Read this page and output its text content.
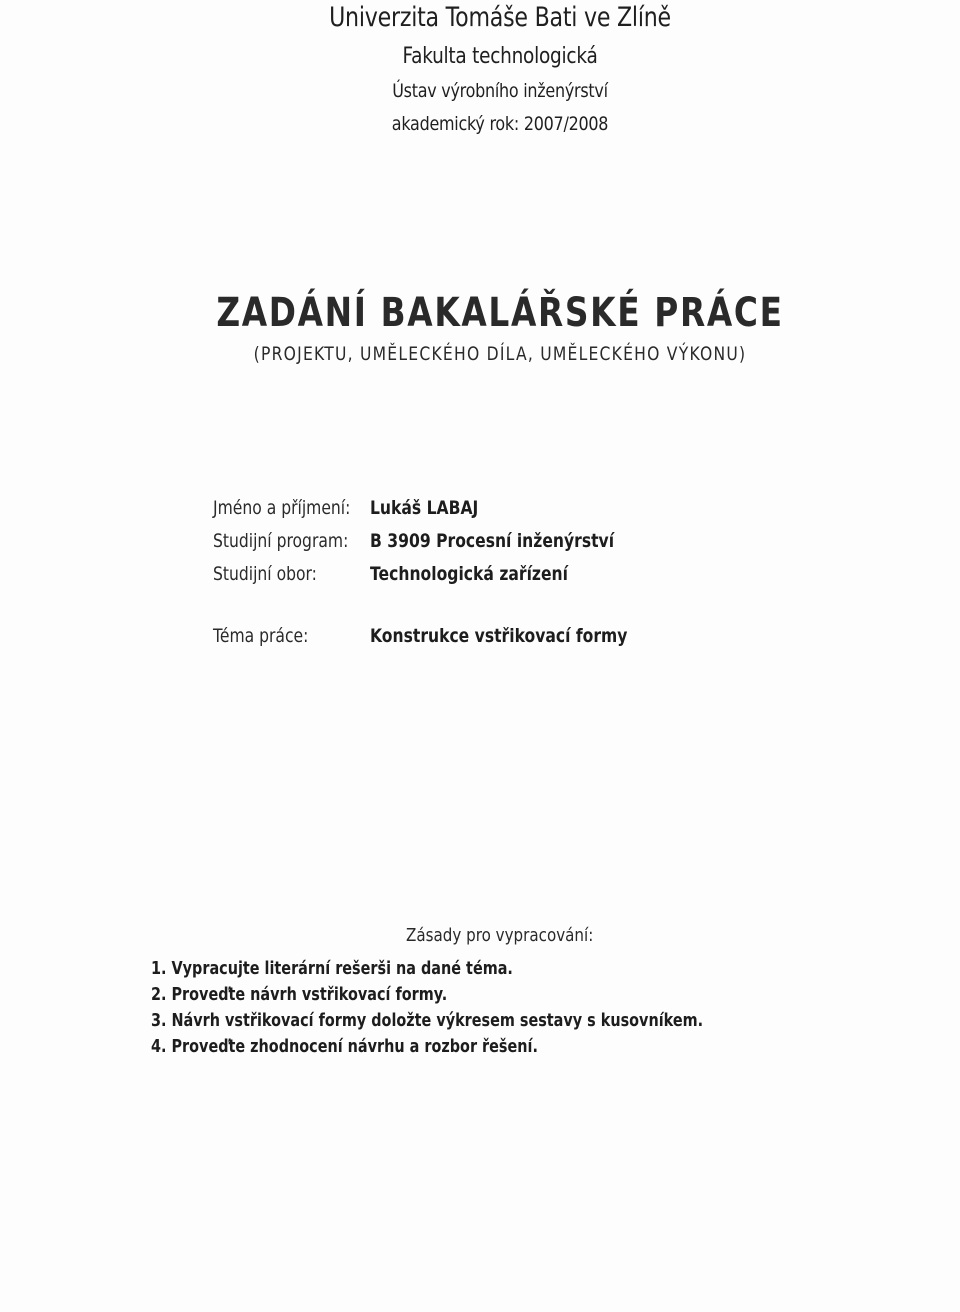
Univerzita Tomáše Bati ve Zlíně
Fakulta technologická
Ústav výrobního inženýrství
akademický rok: 2007/2008
ZADÁNÍ BAKALÁŘSKÉ PRÁCE
(PROJEKTU, UMĚLECKÉHO DÍLA, UMĚLECKÉHO VÝKONU)
Jméno a příjmení: Lukáš LABAJ
Studijní program: B 3909 Procesní inženýrství
Studijní obor:	Technologická zařízení
Téma práce:	Konstrukce vstřikovací formy
Zásady pro vypracování:
1. Vypracujte literární rešerši na dané téma.
2. Proveďte návrh vstřikovací formy.
3. Návrh vstřikovací formy doložte výkresem sestavy s kusovníkem.
4. Proveďte zhodnocení návrhu a rozbor řešení.
